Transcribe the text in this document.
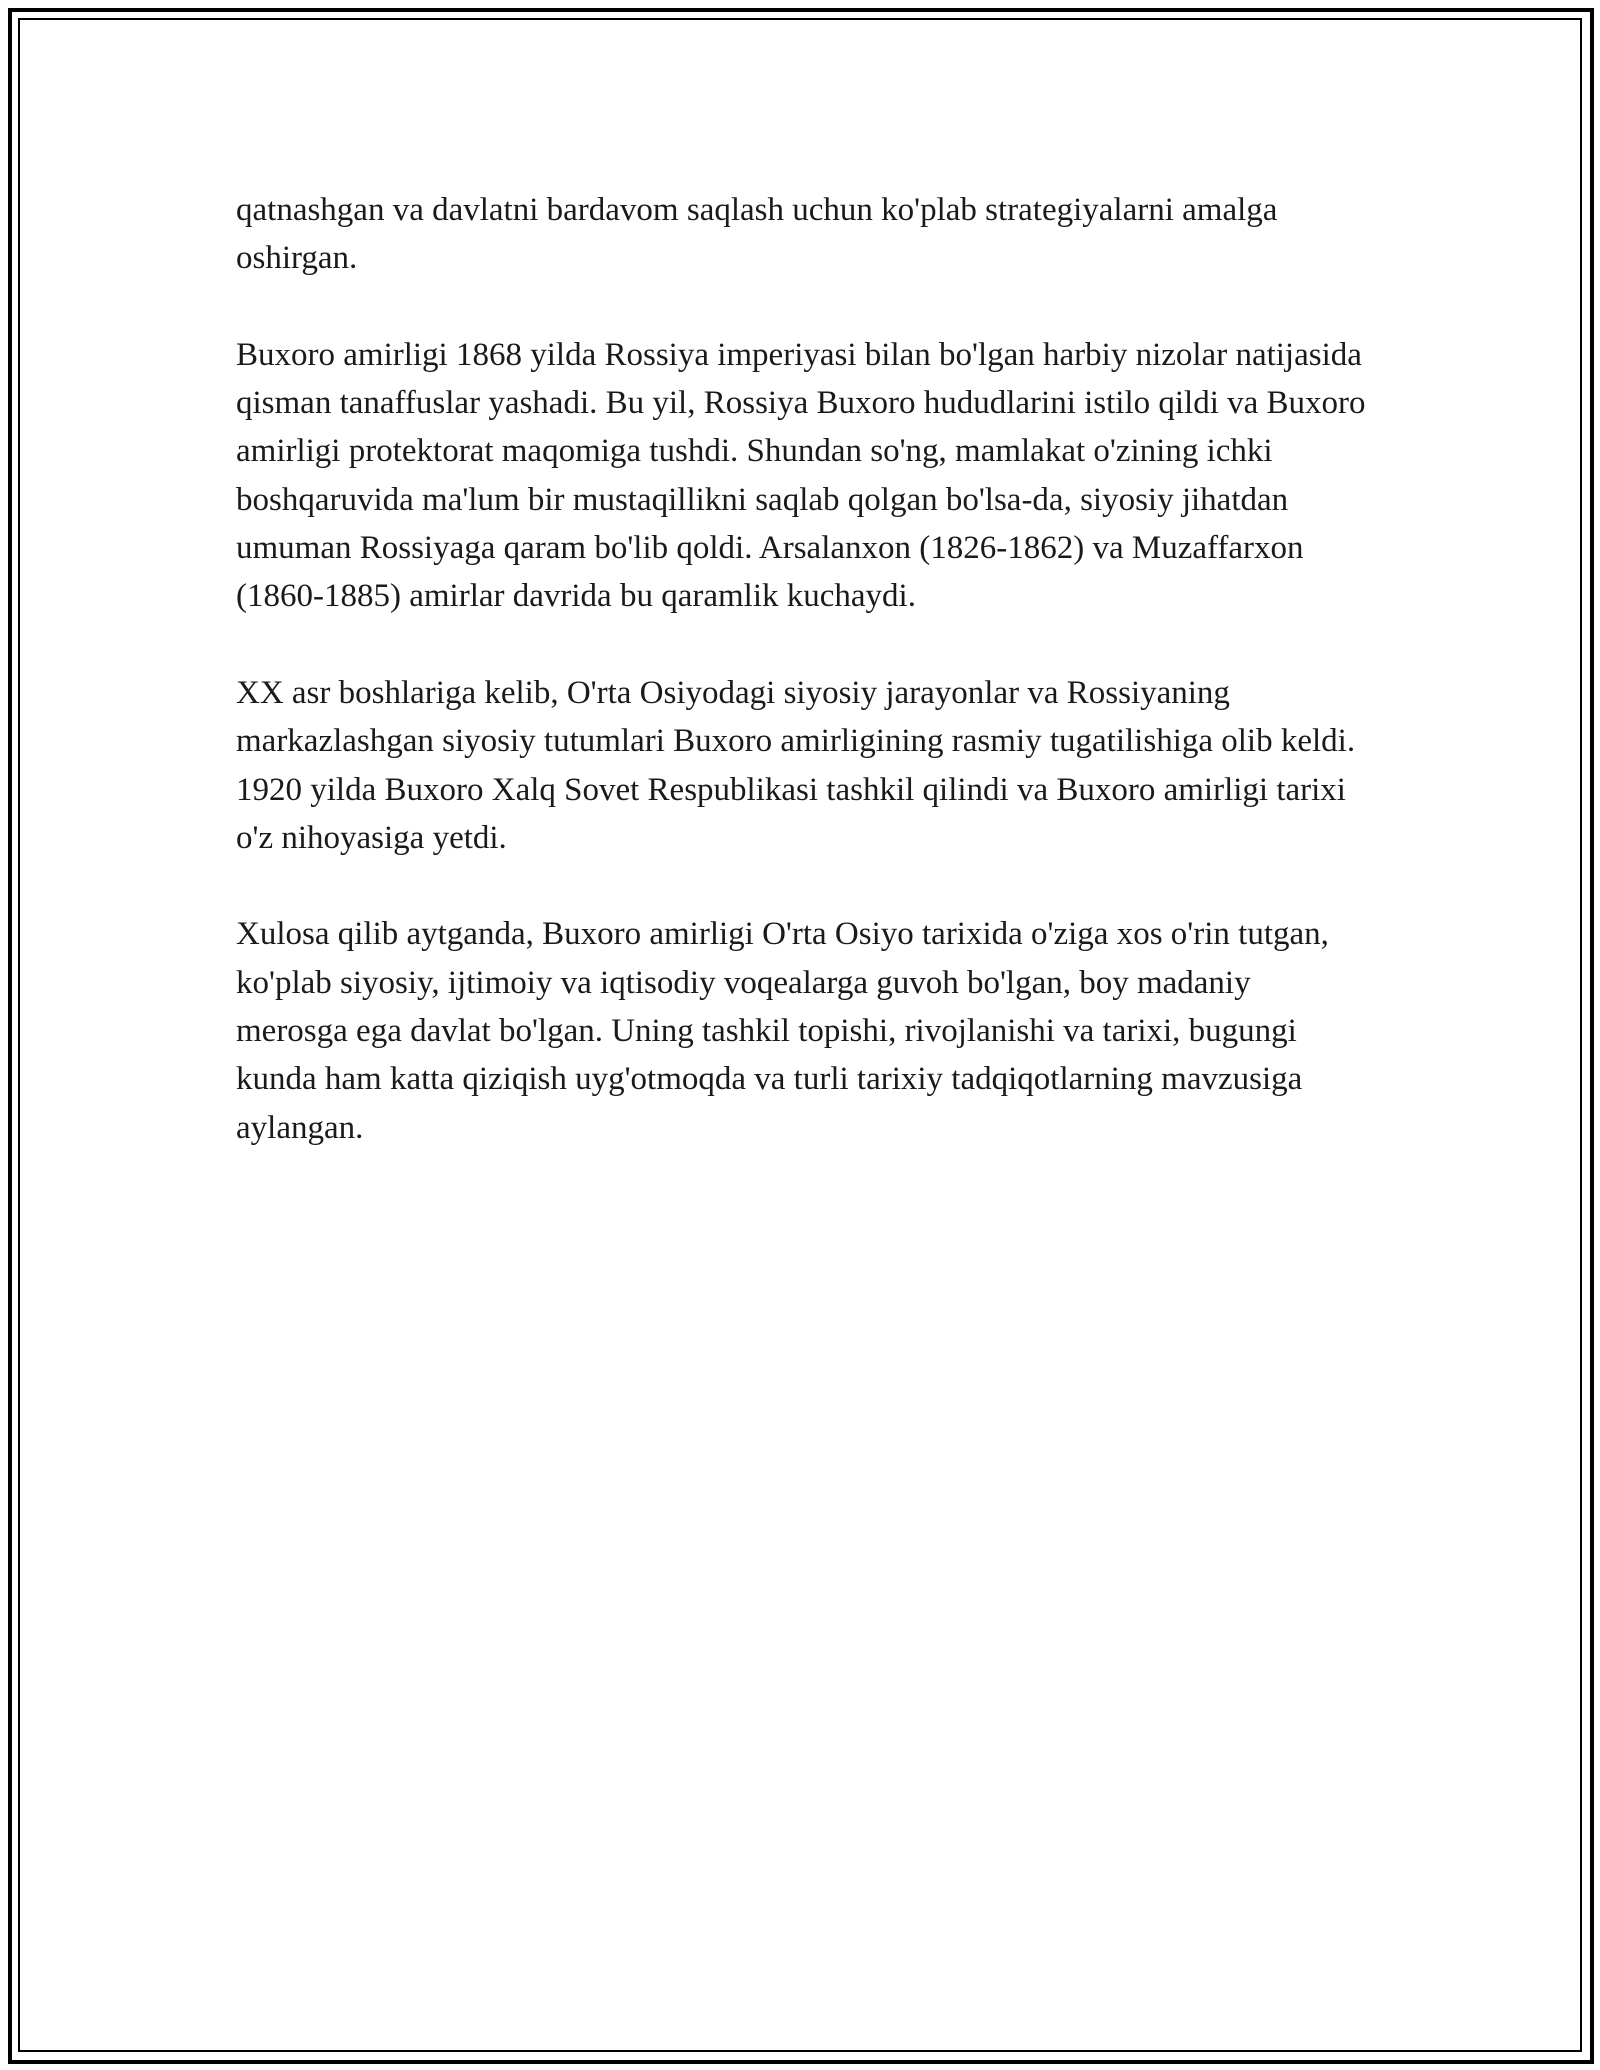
qatnashgan va davlatni bardavom saqlash uchun ko'plab strategiyalarni amalga oshirgan.

Buxoro amirligi 1868 yilda Rossiya imperiyasi bilan bo'lgan harbiy nizolar natijasida qisman tanaffuslar yashadi. Bu yil, Rossiya Buxoro hududlarini istilo qildi va Buxoro amirligi protektorat maqomiga tushdi. Shundan so'ng, mamlakat o'zining ichki boshqaruvida ma'lum bir mustaqillikni saqlab qolgan bo'lsa-da, siyosiy jihatdan umuman Rossiyaga qaram bo'lib qoldi. Arsalanxon (1826-1862) va Muzaffarxon (1860-1885) amirlar davrida bu qaramlik kuchaydi.

XX asr boshlariga kelib, O'rta Osiyodagi siyosiy jarayonlar va Rossiyaning markazlashgan siyosiy tutumlari Buxoro amirligining rasmiy tugatilishiga olib keldi. 1920 yilda Buxoro Xalq Sovet Respublikasi tashkil qilindi va Buxoro amirligi tarixi o'z nihoyasiga yetdi.

Xulosa qilib aytganda, Buxoro amirligi O'rta Osiyo tarixida o'ziga xos o'rin tutgan, ko'plab siyosiy, ijtimoiy va iqtisodiy voqealarga guvoh bo'lgan, boy madaniy merosga ega davlat bo'lgan. Uning tashkil topishi, rivojlanishi va tarixi, bugungi kunda ham katta qiziqish uyg'otmoqda va turli tarixiy tadqiqotlarning mavzusiga aylangan.
